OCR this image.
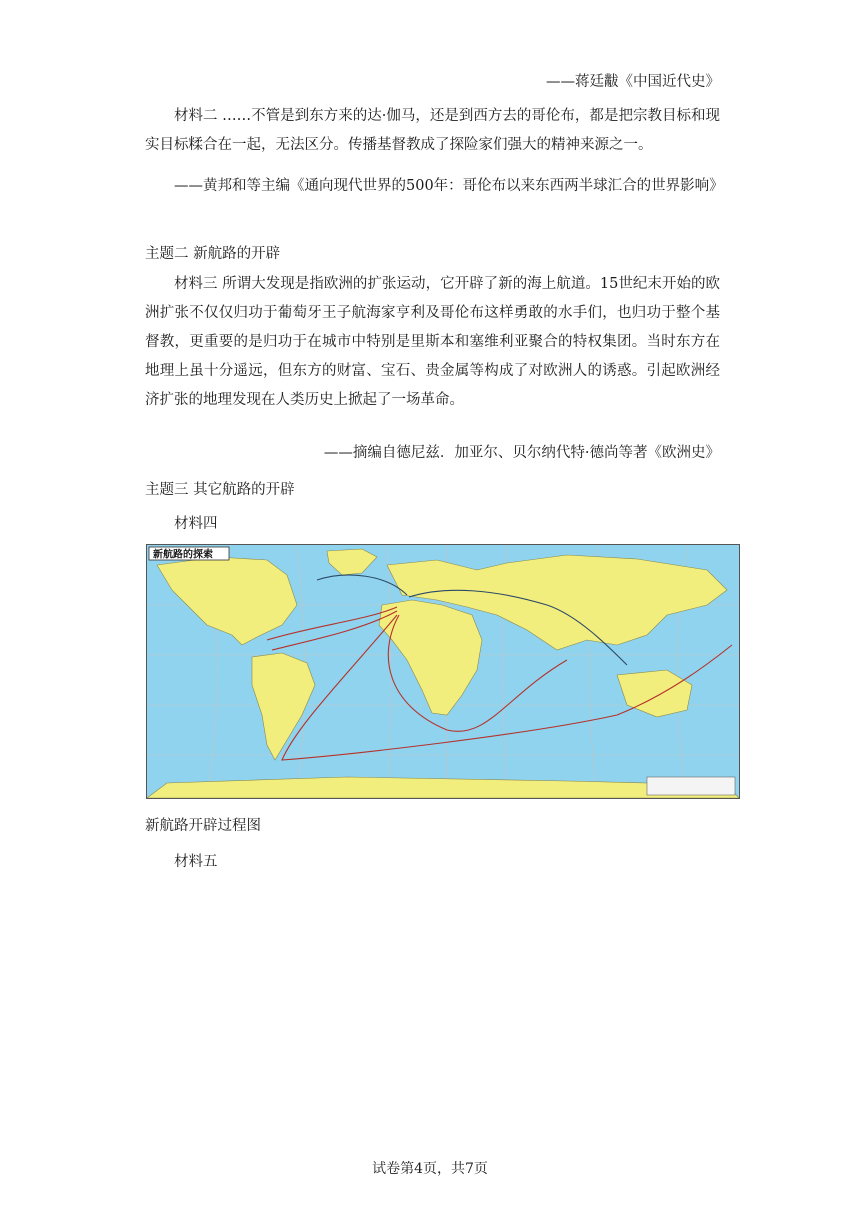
——蒋廷黻《中国近代史》

材料二 ……不管是到东方来的达·伽马，还是到西方去的哥伦布，都是把宗教目标和现实目标糅合在一起，无法区分。传播基督教成了探险家们强大的精神来源之一。

——黄邦和等主编《通向现代世界的500年：哥伦布以来东西两半球汇合的世界影响》

主题二 新航路的开辟

材料三 所谓大发现是指欧洲的扩张运动，它开辟了新的海上航道。15世纪末开始的欧洲扩张不仅仅归功于葡萄牙王子航海家亨利及哥伦布这样勇敢的水手们，也归功于整个基督教，更重要的是归功于在城市中特别是里斯本和塞维利亚聚合的特权集团。当时东方在地理上虽十分遥远，但东方的财富、宝石、贵金属等构成了对欧洲人的诱惑。引起欧洲经济扩张的地理发现在人类历史上掀起了一场革命。

——摘编自德尼兹．加亚尔、贝尔纳代特·德尚等著《欧洲史》

主题三 其它航路的开辟

材料四

新航路的探索

新航路开辟过程图

材料五

试卷第4页，共7页
